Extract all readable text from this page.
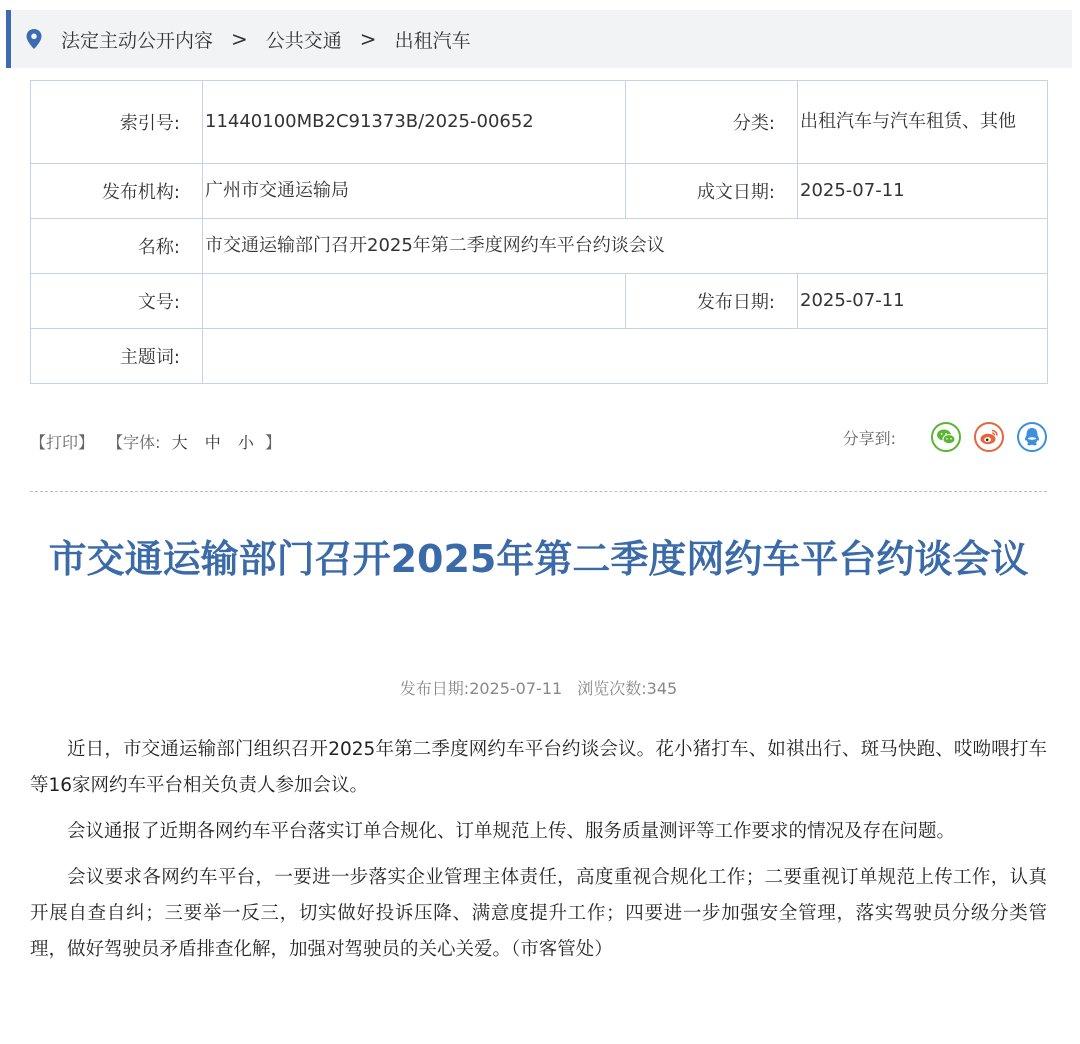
法定主动公开内容 > 公共交通 > 出租汽车
索引号:	11440100MB2C91373B/2025-00652	分类:	出租汽车与汽车租赁、其他
发布机构:	广州市交通运输局	成文日期:	2025-07-11
名称:	市交通运输部门召开2025年第二季度网约车平台约谈会议		
文号:		发布日期:	2025-07-11
主题词:			
【打印】 【字体: 大 中 小 】	分享到:
市交通运输部门召开2025年第二季度网约车平台约谈会议
发布日期:2025-07-11 浏览次数:345

近日，市交通运输部门组织召开2025年第二季度网约车平台约谈会议。花小猪打车、如祺出行、斑马快跑、哎呦喂打车等16家网约车平台相关负责人参加会议。

会议通报了近期各网约车平台落实订单合规化、订单规范上传、服务质量测评等工作要求的情况及存在问题。

会议要求各网约车平台，一要进一步落实企业管理主体责任，高度重视合规化工作；二要重视订单规范上传工作，认真开展自查自纠；三要举一反三，切实做好投诉压降、满意度提升工作；四要进一步加强安全管理，落实驾驶员分级分类管理，做好驾驶员矛盾排查化解，加强对驾驶员的关心关爱。（市客管处）
